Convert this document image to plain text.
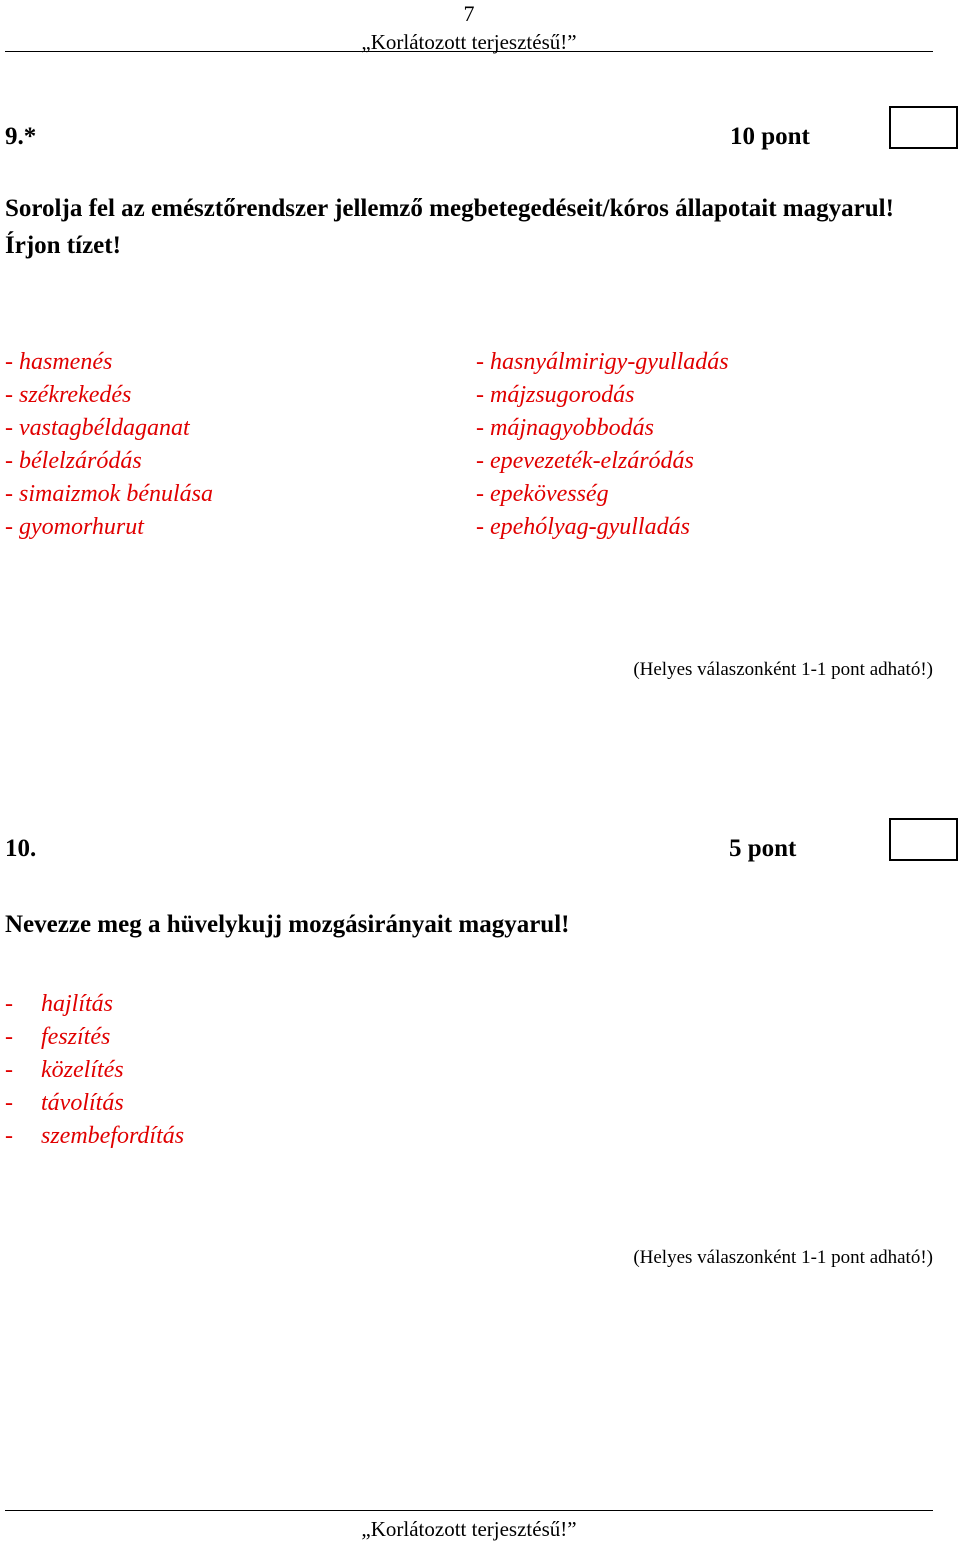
7
„Korlátozott terjesztésű!”
9.*	10 pont
Sorolja fel az emésztőrendszer jellemző megbetegedéseit/kóros állapotait magyarul! Írjon tízet!
- hasmenés
- székrekedés
- vastagbéldaganat
- bélelzáródás
- simaizmok bénulása
- gyomorhurut
- hasnyálmirigy-gyulladás
- májzsugorodás
- májnagyobbodás
- epevezeték-elzáródás
- epekövesség
- epehólyag-gyulladás
(Helyes válaszonként 1-1 pont adható!)
10.	5 pont
Nevezze meg a hüvelykujj mozgásirányait magyarul!
- hajlítás
- feszítés
- közelítés
- távolítás
- szembefordítás
(Helyes válaszonként 1-1 pont adható!)
„Korlátozott terjesztésű!”
